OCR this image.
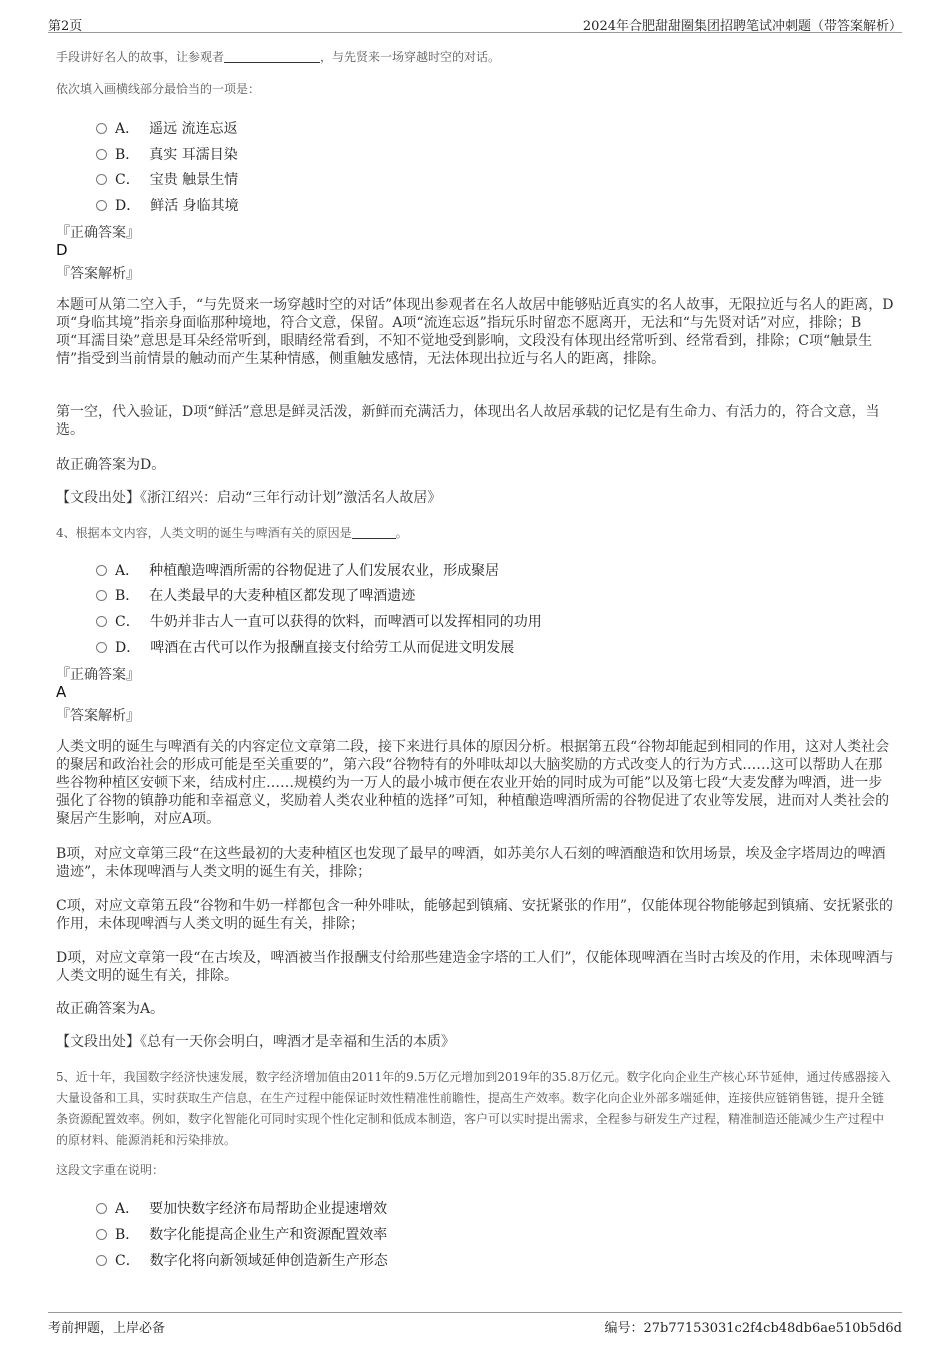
第2页	2024年合肥甜甜圈集团招聘笔试冲刺题（带答案解析）
手段讲好名人的故事，让参观者	，与先贤来一场穿越时空的对话。
依次填入画横线部分最恰当的一项是：
A． 遥远 流连忘返
B． 真实 耳濡目染
C． 宝贵 触景生情
D． 鲜活 身临其境
『正确答案』
D
『答案解析』
本题可从第二空入手，“与先贤来一场穿越时空的对话”体现出参观者在名人故居中能够贴近真实的名人故事，无限拉近与名人的距离，D项“身临其境”指亲身面临那种境地，符合文意，保留。A项“流连忘返”指玩乐时留恋不愿离开，无法和“与先贤对话”对应，排除；B项“耳濡目染”意思是耳朵经常听到，眼睛经常看到，不知不觉地受到影响，文段没有体现出经常听到、经常看到，排除；C项“触景生情”指受到当前情景的触动而产生某种情感，侧重触发感情，无法体现出拉近与名人的距离，排除。
第一空，代入验证，D项“鲜活”意思是鲜灵活泼，新鲜而充满活力，体现出名人故居承载的记忆是有生命力、有活力的，符合文意，当选。
故正确答案为D。
【文段出处】《浙江绍兴：启动“三年行动计划”激活名人故居》
4、根据本文内容，人类文明的诞生与啤酒有关的原因是	。
A． 种植酿造啤酒所需的谷物促进了人们发展农业，形成聚居
B． 在人类最早的大麦种植区都发现了啤酒遗迹
C． 牛奶并非古人一直可以获得的饮料，而啤酒可以发挥相同的功用
D． 啤酒在古代可以作为报酬直接支付给劳工从而促进文明发展
『正确答案』
A
『答案解析』
人类文明的诞生与啤酒有关的内容定位文章第二段，接下来进行具体的原因分析。根据第五段“谷物却能起到相同的作用，这对人类社会的聚居和政治社会的形成可能是至关重要的”，第六段“谷物特有的外啡呔却以大脑奖励的方式改变人的行为方式……这可以帮助人在那些谷物种植区安顿下来，结成村庄……规模约为一万人的最小城市便在农业开始的同时成为可能”以及第七段“大麦发酵为啤酒，进一步强化了谷物的镇静功能和幸福意义，奖励着人类农业种植的选择”可知，种植酿造啤酒所需的谷物促进了农业等发展，进而对人类社会的聚居产生影响，对应A项。
B项，对应文章第三段“在这些最初的大麦种植区也发现了最早的啤酒，如苏美尔人石刻的啤酒酿造和饮用场景，埃及金字塔周边的啤酒遗迹”，未体现啤酒与人类文明的诞生有关，排除；
C项，对应文章第五段“谷物和牛奶一样都包含一种外啡呔，能够起到镇痛、安抚紧张的作用”，仅能体现谷物能够起到镇痛、安抚紧张的作用，未体现啤酒与人类文明的诞生有关，排除；
D项，对应文章第一段“在古埃及，啤酒被当作报酬支付给那些建造金字塔的工人们”，仅能体现啤酒在当时古埃及的作用，未体现啤酒与人类文明的诞生有关，排除。
故正确答案为A。
【文段出处】《总有一天你会明白，啤酒才是幸福和生活的本质》
5、近十年，我国数字经济快速发展，数字经济增加值由2011年的9.5万亿元增加到2019年的35.8万亿元。数字化向企业生产核心环节延伸，通过传感器接入大量设备和工具，实时获取生产信息，在生产过程中能保证时效性精准性前瞻性，提高生产效率。数字化向企业外部多端延伸，连接供应链销售链，提升全链条资源配置效率。例如，数字化智能化可同时实现个性化定制和低成本制造，客户可以实时提出需求，全程参与研发生产过程，精准制造还能减少生产过程中的原材料、能源消耗和污染排放。
这段文字重在说明：
A． 要加快数字经济布局帮助企业提速增效
B． 数字化能提高企业生产和资源配置效率
C． 数字化将向新领域延伸创造新生产形态
考前押题，上岸必备	编号：27b77153031c2f4cb48db6ae510b5d6d
